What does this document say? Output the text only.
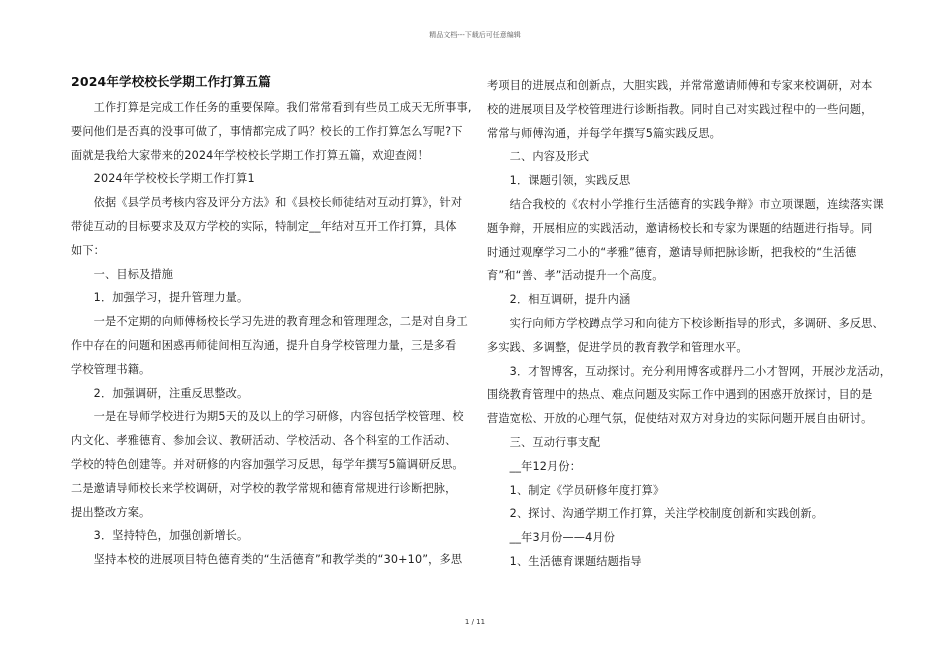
精品文档---下载后可任意编辑
2024年学校校长学期工作打算五篇

　　工作打算是完成工作任务的重要保障。我们常常看到有些员工成天无所事事,

要问他们是否真的没事可做了，事情都完成了吗？校长的工作打算怎么写呢?下

面就是我给大家带来的2024年学校校长学期工作打算五篇，欢迎查阅！

　　2024年学校校长学期工作打算1

　　依据《县学员考核内容及评分方法》和《县校长师徒结对互动打算》，针对

带徒互动的目标要求及双方学校的实际，特制定__年结对互开工作打算，具体

如下：

　　一、目标及措施

　　1．加强学习，提升管理力量。

　　一是不定期的向师傅杨校长学习先进的教育理念和管理理念，二是对自身工

作中存在的问题和困惑再师徒间相互沟通，提升自身学校管理力量，三是多看

学校管理书籍。

　　2．加强调研，注重反思整改。

　　一是在导师学校进行为期5天的及以上的学习研修，内容包括学校管理、校

内文化、孝雅德育、参加会议、教研活动、学校活动、各个科室的工作活动、

学校的特色创建等。并对研修的内容加强学习反思，每学年撰写5篇调研反思。

二是邀请导师校长来学校调研，对学校的教学常规和德育常规进行诊断把脉，

提出整改方案。

　　3．坚持特色，加强创新增长。

　　坚持本校的进展项目特色德育类的“生活德育”和教学类的“30+10”，多思

考项目的进展点和创新点，大胆实践，并常常邀请师傅和专家来校调研，对本

校的进展项目及学校管理进行诊断指教。同时自己对实践过程中的一些问题，

常常与师傅沟通，并每学年撰写5篇实践反思。

　　二、内容及形式

　　1．课题引领，实践反思

　　结合我校的《农村小学推行生活德育的实践争辩》市立项课题，连续落实课

题争辩，开展相应的实践活动，邀请杨校长和专家为课题的结题进行指导。同

时通过观摩学习二小的“孝雅”德育，邀请导师把脉诊断，把我校的“生活德

育”和“善、孝”活动提升一个高度。

　　2．相互调研，提升内涵

　　实行向师方学校蹲点学习和向徒方下校诊断指导的形式，多调研、多反思、

多实践、多调整，促进学员的教育教学和管理水平。

　　3．才智博客，互动探讨。充分利用博客或群丹二小才智网，开展沙龙活动，

围绕教育管理中的热点、难点问题及实际工作中遇到的困惑开放探讨，目的是

营造宽松、开放的心理气氛，促使结对双方对身边的实际问题开展自由研讨。

　　三、互动行事支配

　　__年12月份：

　　1、制定《学员研修年度打算》

　　2、探讨、沟通学期工作打算，关注学校制度创新和实践创新。

　　__年3月份——4月份

　　1、生活德育课题结题指导

1 / 11
